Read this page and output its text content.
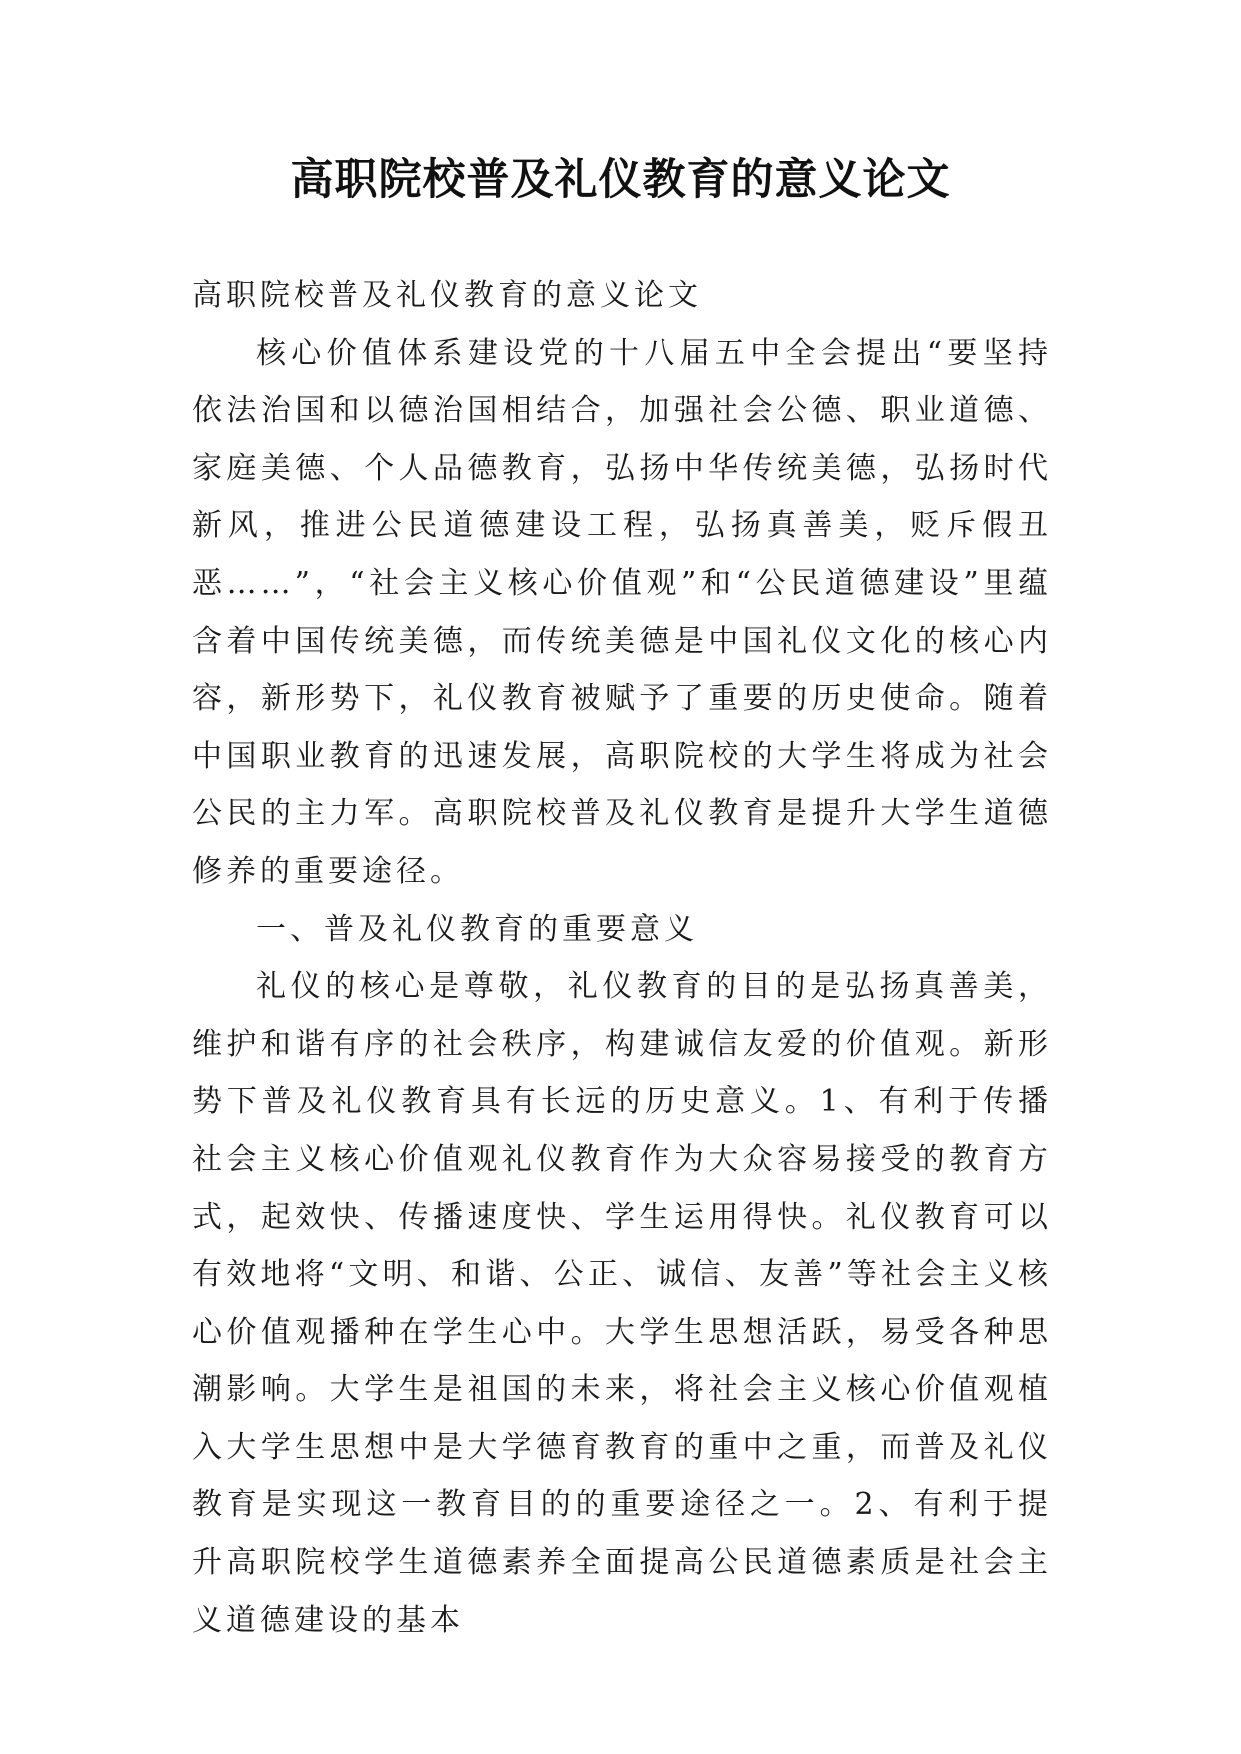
高职院校普及礼仪教育的意义论文

高职院校普及礼仪教育的意义论文

核心价值体系建设党的十八届五中全会提出“要坚持依法治国和以德治国相结合，加强社会公德、职业道德、家庭美德、个人品德教育，弘扬中华传统美德，弘扬时代新风，推进公民道德建设工程，弘扬真善美，贬斥假丑恶……”，“社会主义核心价值观”和“公民道德建设”里蕴含着中国传统美德，而传统美德是中国礼仪文化的核心内容，新形势下，礼仪教育被赋予了重要的历史使命。随着中国职业教育的迅速发展，高职院校的大学生将成为社会公民的主力军。高职院校普及礼仪教育是提升大学生道德修养的重要途径。

一、普及礼仪教育的重要意义

礼仪的核心是尊敬，礼仪教育的目的是弘扬真善美，维护和谐有序的社会秩序，构建诚信友爱的价值观。新形势下普及礼仪教育具有长远的历史意义。1、有利于传播社会主义核心价值观礼仪教育作为大众容易接受的教育方式，起效快、传播速度快、学生运用得快。礼仪教育可以有效地将“文明、和谐、公正、诚信、友善”等社会主义核心价值观播种在学生心中。大学生思想活跃，易受各种思潮影响。大学生是祖国的未来，将社会主义核心价值观植入大学生思想中是大学德育教育的重中之重，而普及礼仪教育是实现这一教育目的的重要途径之一。2、有利于提升高职院校学生道德素养全面提高公民道德素质是社会主义道德建设的基本
